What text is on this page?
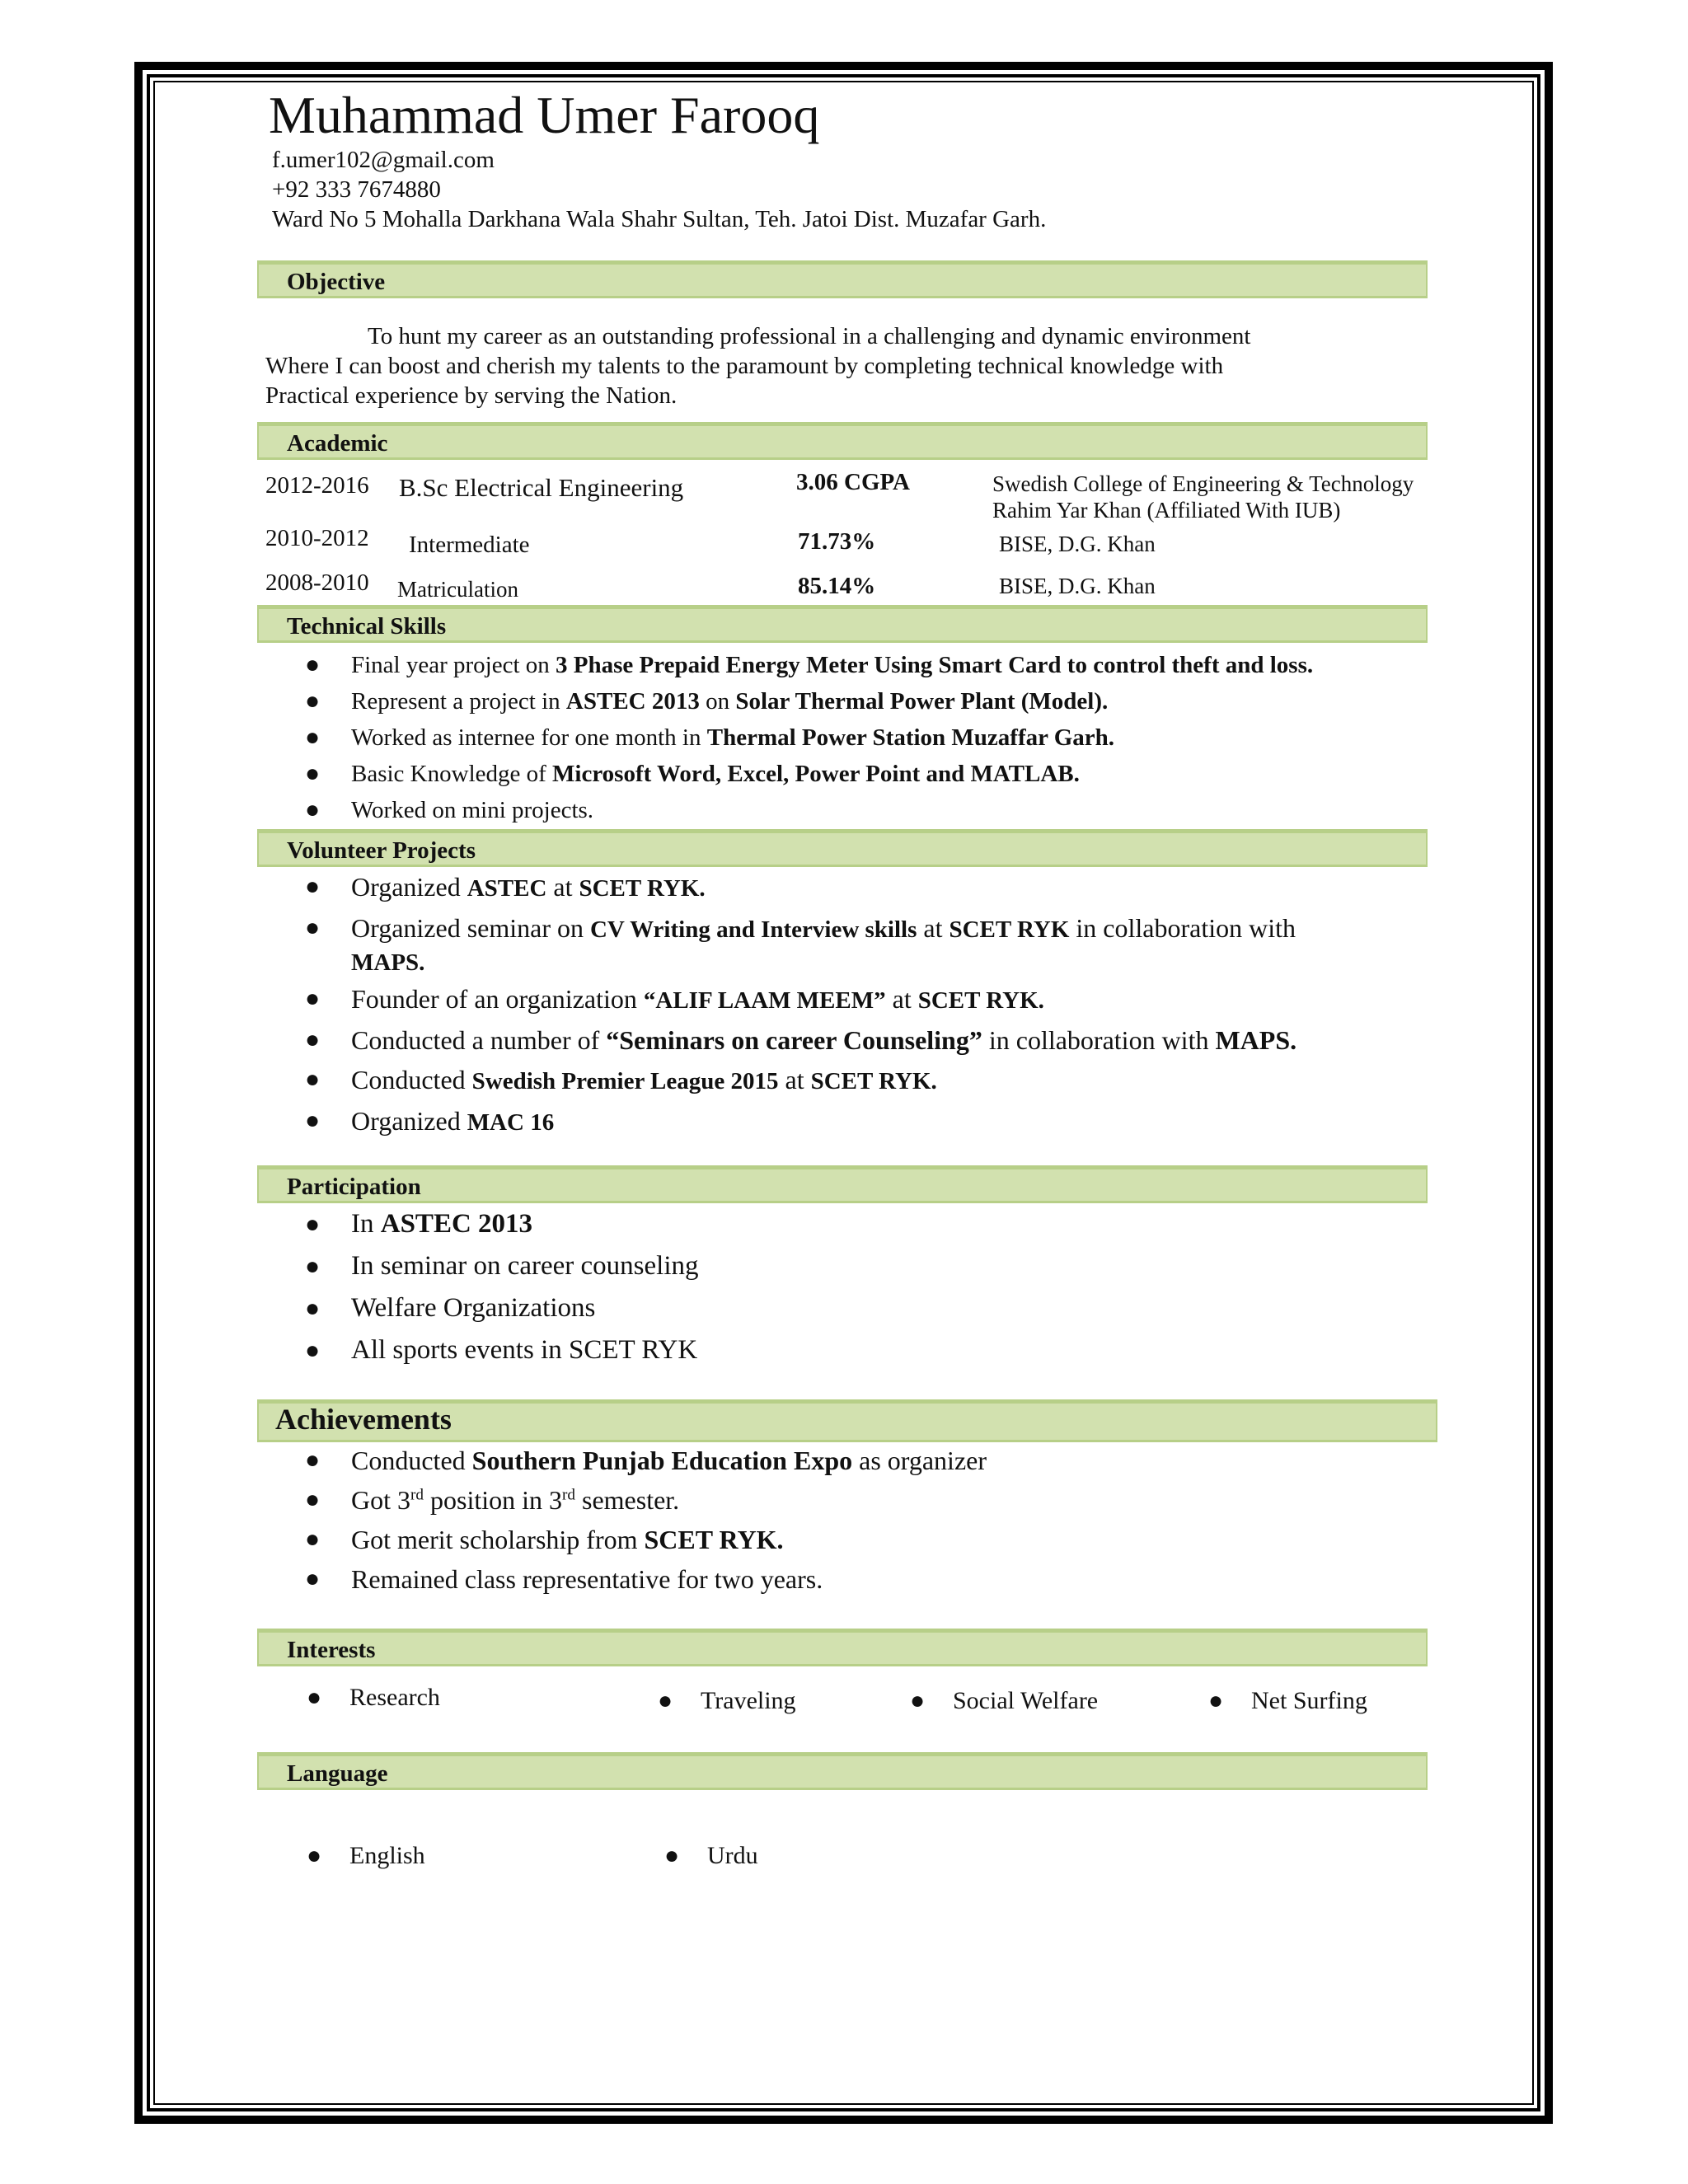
Muhammad Umer Farooq
f.umer102@gmail.com
+92 333 7674880
Ward No 5 Mohalla Darkhana Wala Shahr Sultan, Teh. Jatoi Dist. Muzafar Garh.
Objective
To hunt my career as an outstanding professional in a challenging and dynamic environment
Where I can boost and cherish my talents to the paramount by completing technical knowledge with
Practical experience by serving the Nation.
Academic
2012-2016 B.Sc Electrical Engineering	3.06 CGPA	Swedish College of Engineering & Technology
Rahim Yar Khan (Affiliated With IUB)
2010-2012 Intermediate	71.73%	BISE, D.G. Khan
2008-2010 Matriculation	85.14%	BISE, D.G. Khan
Technical Skills
● Final year project on 3 Phase Prepaid Energy Meter Using Smart Card to control theft and loss.
● Represent a project in ASTEC 2013 on Solar Thermal Power Plant (Model).
● Worked as internee for one month in Thermal Power Station Muzaffar Garh.
● Basic Knowledge of Microsoft Word, Excel, Power Point and MATLAB.
● Worked on mini projects.
Volunteer Projects
● Organized ASTEC at SCET RYK.
● Organized seminar on CV Writing and Interview skills at SCET RYK in collaboration with
MAPS.
● Founder of an organization “ALIF LAAM MEEM” at SCET RYK.
● Conducted a number of “Seminars on career Counseling” in collaboration with MAPS.
● Conducted Swedish Premier League 2015 at SCET RYK.
● Organized MAC 16
Participation
● In ASTEC 2013
● In seminar on career counseling
● Welfare Organizations
● All sports events in SCET RYK
Achievements
● Conducted Southern Punjab Education Expo as organizer
● Got 3rd position in 3rd semester.
● Got merit scholarship from SCET RYK.
● Remained class representative for two years.
Interests
● Research	● Traveling	● Social Welfare	● Net Surfing
Language
● English	● Urdu
